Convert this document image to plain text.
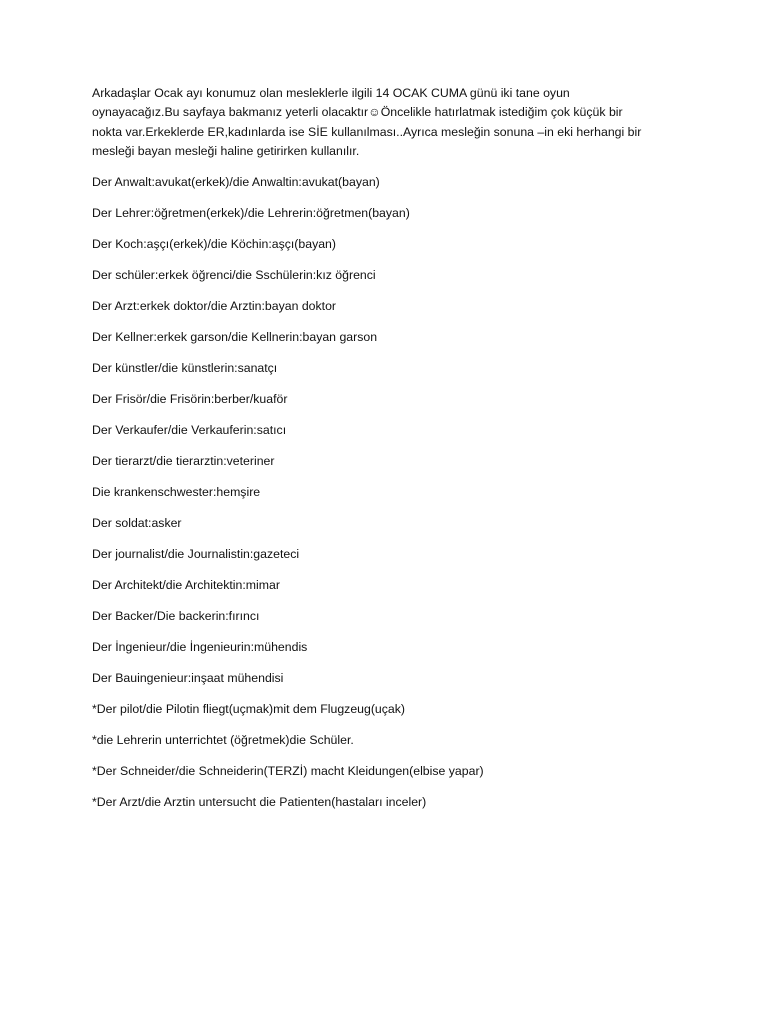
Arkadaşlar Ocak ayı konumuz olan mesleklerle ilgili 14 OCAK CUMA günü iki tane oyun
oynayacağız.Bu sayfaya bakmanız yeterli olacaktır☺Öncelikle hatırlatmak istediğim çok küçük bir
nokta var.Erkeklerde ER,kadınlarda ise SİE kullanılması..Ayrıca mesleğin sonuna –in eki herhangi bir
mesleği bayan mesleği haline getirirken kullanılır.

Der Anwalt:avukat(erkek)/die Anwaltin:avukat(bayan)
Der Lehrer:öğretmen(erkek)/die Lehrerin:öğretmen(bayan)
Der Koch:aşçı(erkek)/die Köchin:aşçı(bayan)
Der schüler:erkek öğrenci/die Sschülerin:kız öğrenci
Der Arzt:erkek doktor/die Arztin:bayan doktor
Der Kellner:erkek garson/die Kellnerin:bayan garson
Der künstler/die künstlerin:sanatçı
Der Frisör/die Frisörin:berber/kuaför
Der Verkaufer/die Verkauferin:satıcı
Der tierarzt/die tierarztin:veteriner
Die krankenschwester:hemşire
Der soldat:asker
Der journalist/die Journalistin:gazeteci
Der Architekt/die Architektin:mimar
Der Backer/Die backerin:fırıncı
Der İngenieur/die İngenieurin:mühendis
Der Bauingenieur:inşaat mühendisi
*Der pilot/die Pilotin fliegt(uçmak)mit dem Flugzeug(uçak)
*die Lehrerin unterrichtet (öğretmek)die Schüler.
*Der Schneider/die Schneiderin(TERZİ) macht Kleidungen(elbise yapar)
*Der Arzt/die Arztin untersucht die Patienten(hastaları inceler)
